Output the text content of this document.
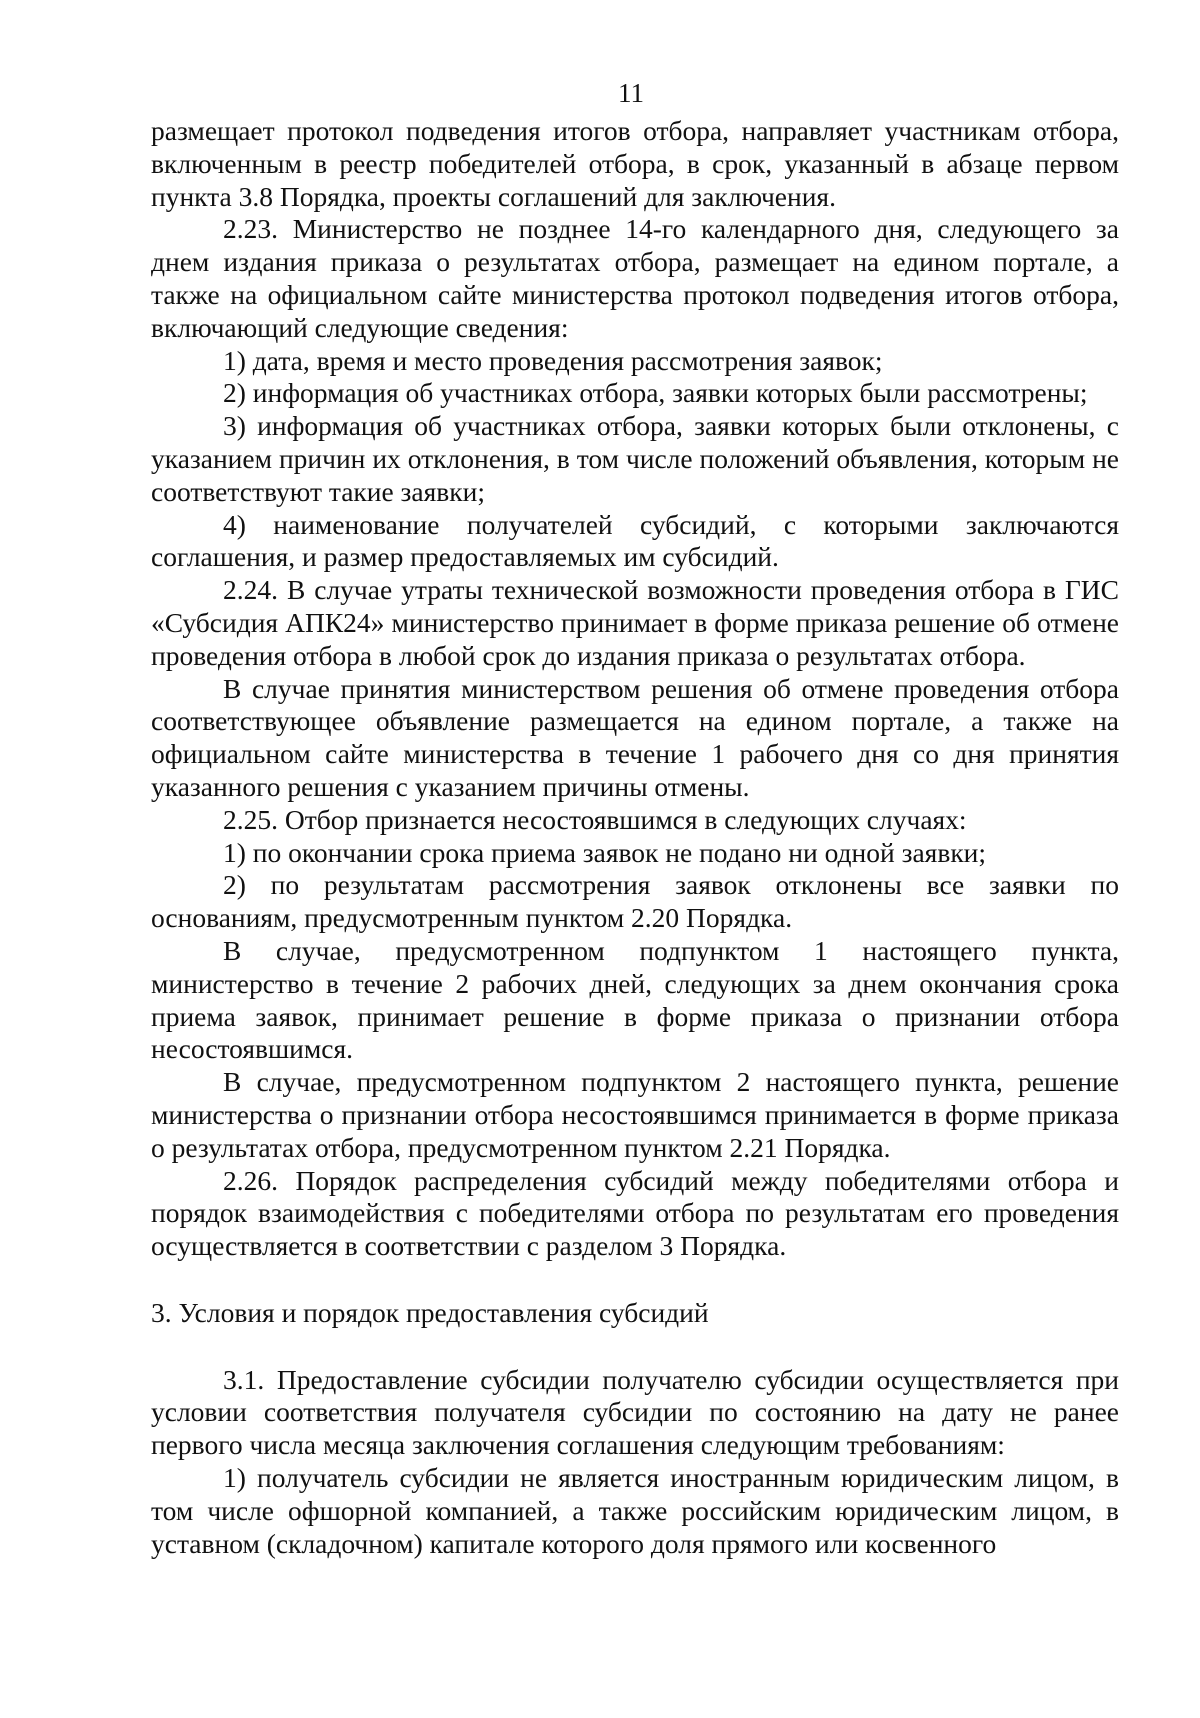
11

размещает протокол подведения итогов отбора, направляет участникам отбора, включенным в реестр победителей отбора, в срок, указанный в абзаце первом пункта 3.8 Порядка, проекты соглашений для заключения.

2.23. Министерство не позднее 14-го календарного дня, следующего за днем издания приказа о результатах отбора, размещает на едином портале, а также на официальном сайте министерства протокол подведения итогов отбора, включающий следующие сведения:

1) дата, время и место проведения рассмотрения заявок;

2) информация об участниках отбора, заявки которых были рассмотрены;

3) информация об участниках отбора, заявки которых были отклонены, с указанием причин их отклонения, в том числе положений объявления, которым не соответствуют такие заявки;

4) наименование получателей субсидий, с которыми заключаются соглашения, и размер предоставляемых им субсидий.

2.24. В случае утраты технической возможности проведения отбора в ГИС «Субсидия АПК24» министерство принимает в форме приказа решение об отмене проведения отбора в любой срок до издания приказа о результатах отбора.

В случае принятия министерством решения об отмене проведения отбора соответствующее объявление размещается на едином портале, а также на официальном сайте министерства в течение 1 рабочего дня со дня принятия указанного решения с указанием причины отмены.

2.25. Отбор признается несостоявшимся в следующих случаях:

1) по окончании срока приема заявок не подано ни одной заявки;

2) по результатам рассмотрения заявок отклонены все заявки по основаниям, предусмотренным пунктом 2.20 Порядка.

В случае, предусмотренном подпунктом 1 настоящего пункта, министерство в течение 2 рабочих дней, следующих за днем окончания срока приема заявок, принимает решение в форме приказа о признании отбора несостоявшимся.

В случае, предусмотренном подпунктом 2 настоящего пункта, решение министерства о признании отбора несостоявшимся принимается в форме приказа о результатах отбора, предусмотренном пунктом 2.21 Порядка.

2.26. Порядок распределения субсидий между победителями отбора и порядок взаимодействия с победителями отбора по результатам его проведения осуществляется в соответствии с разделом 3 Порядка.

3. Условия и порядок предоставления субсидий

3.1. Предоставление субсидии получателю субсидии осуществляется при условии соответствия получателя субсидии по состоянию на дату не ранее первого числа месяца заключения соглашения следующим требованиям:

1) получатель субсидии не является иностранным юридическим лицом, в том числе офшорной компанией, а также российским юридическим лицом, в уставном (складочном) капитале которого доля прямого или косвенного
